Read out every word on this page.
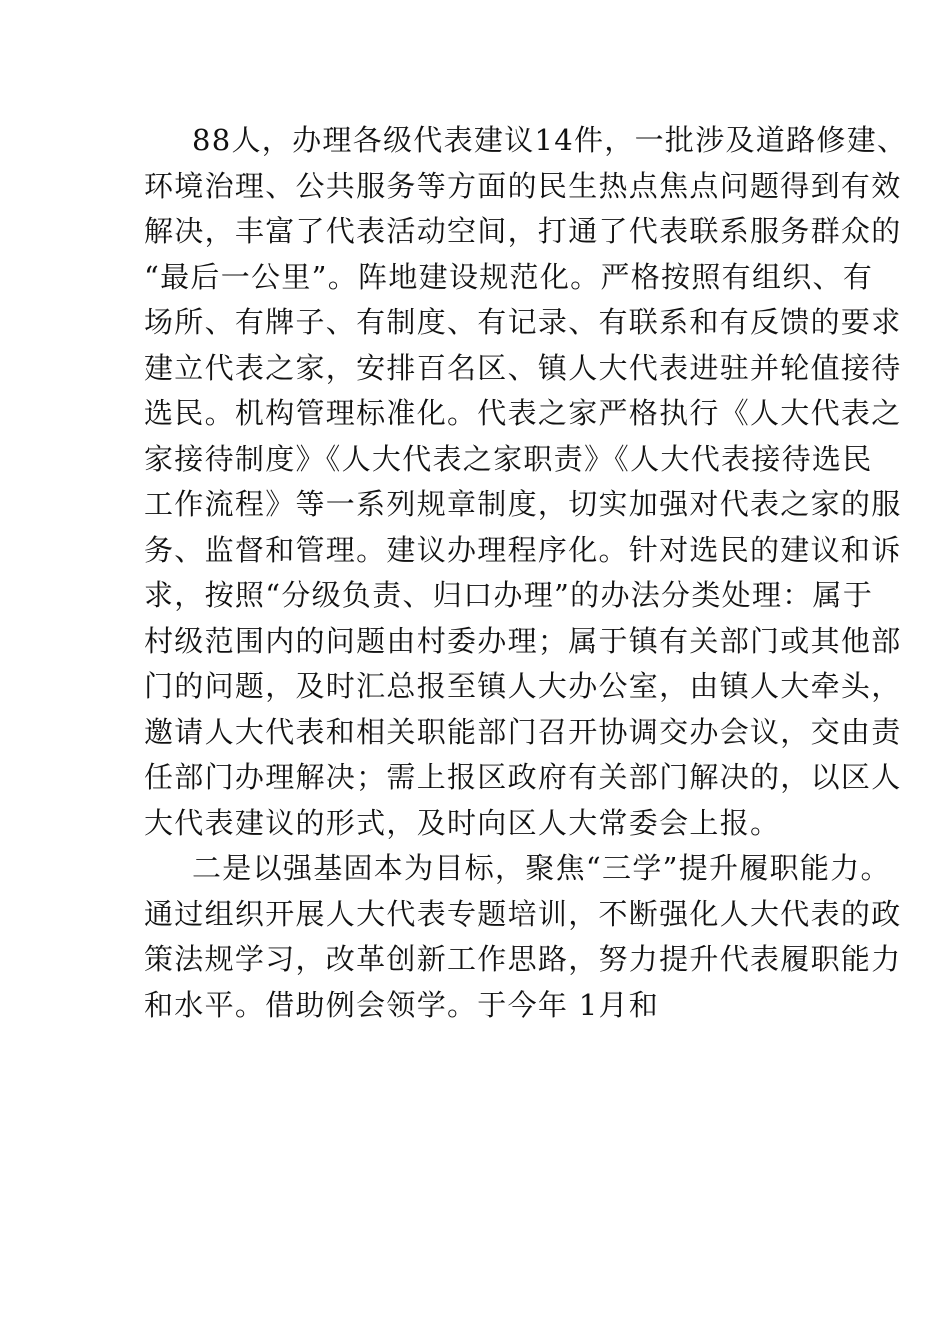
88人，办理各级代表建议14件，一批涉及道路修建、
环境治理、公共服务等方面的民生热点焦点问题得到有效
解决，丰富了代表活动空间，打通了代表联系服务群众的
“最后一公里”。阵地建设规范化。严格按照有组织、有
场所、有牌子、有制度、有记录、有联系和有反馈的要求
建立代表之家，安排百名区、镇人大代表进驻并轮值接待
选民。机构管理标准化。代表之家严格执行《人大代表之
家接待制度》《人大代表之家职责》《人大代表接待选民
工作流程》等一系列规章制度，切实加强对代表之家的服
务、监督和管理。建议办理程序化。针对选民的建议和诉
求，按照“分级负责、归口办理”的办法分类处理：属于
村级范围内的问题由村委办理；属于镇有关部门或其他部
门的问题，及时汇总报至镇人大办公室，由镇人大牵头，
邀请人大代表和相关职能部门召开协调交办会议，交由责
任部门办理解决；需上报区政府有关部门解决的，以区人
大代表建议的形式，及时向区人大常委会上报。
二是以强基固本为目标，聚焦“三学”提升履职能力。
通过组织开展人大代表专题培训，不断强化人大代表的政
策法规学习，改革创新工作思路，努力提升代表履职能力
和水平。借助例会领学。于今年 1月和
